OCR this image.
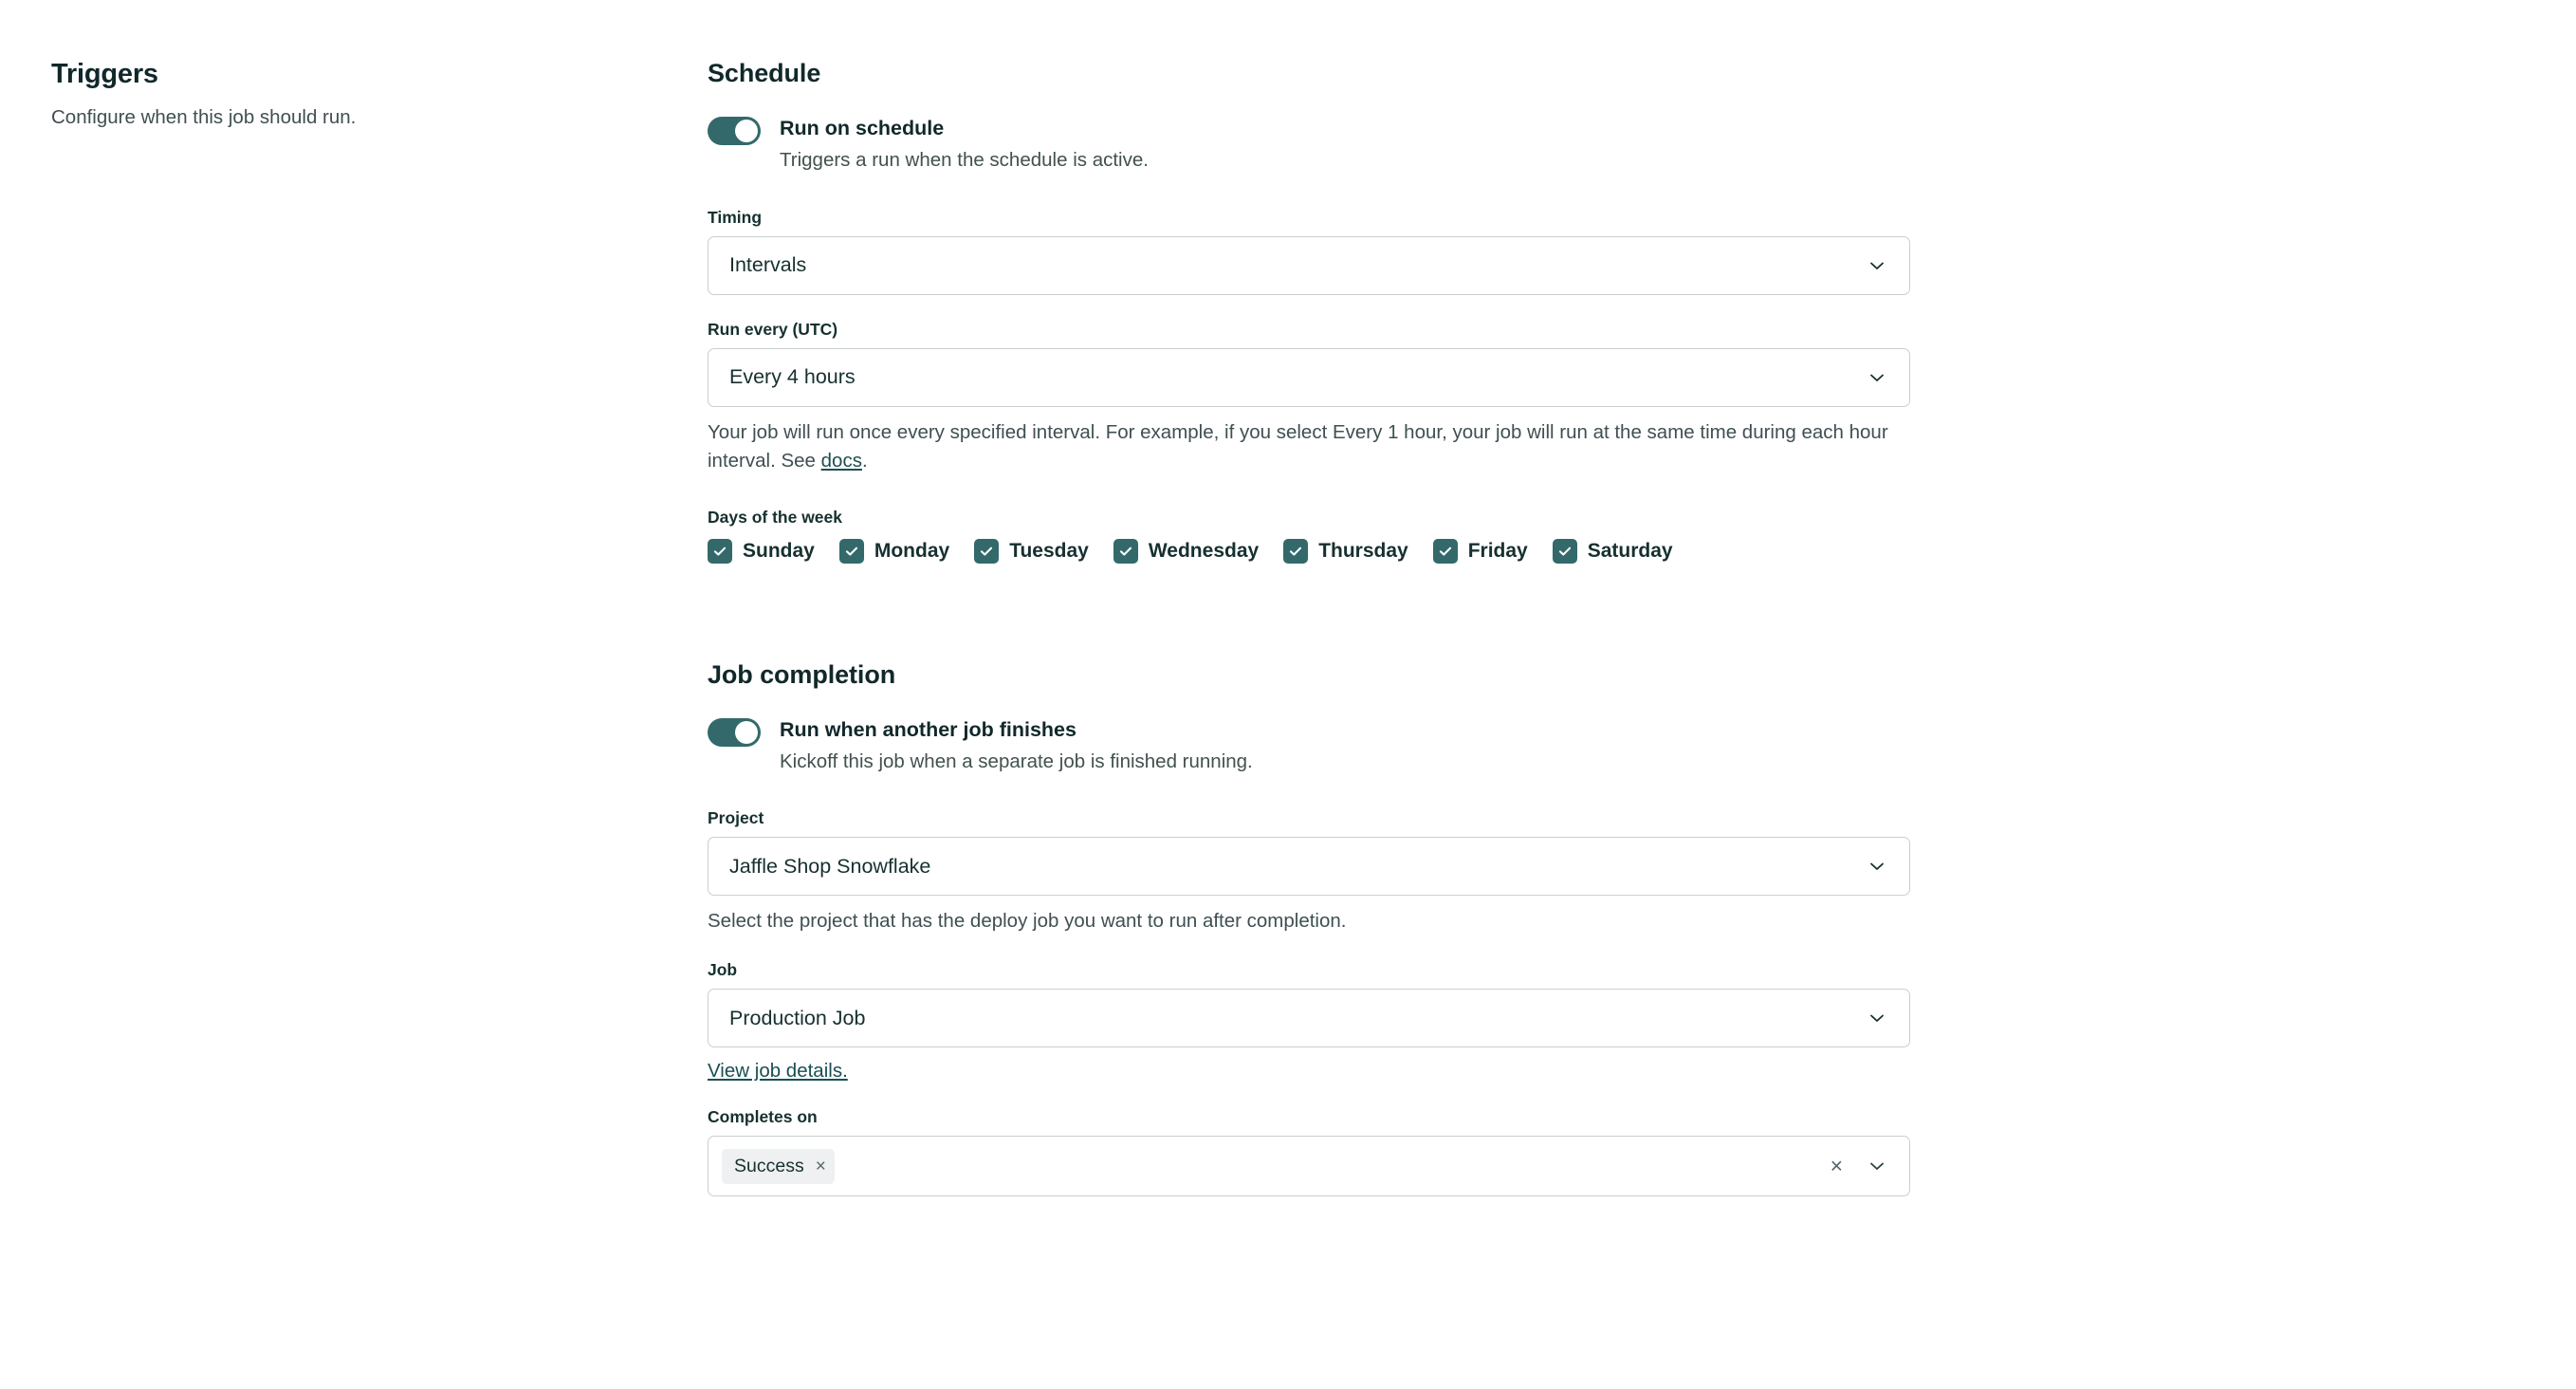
Triggers

Configure when this job should run.

Schedule
Run on schedule
Triggers a run when the schedule is active.
Timing
Intervals
Run every (UTC)
Every 4 hours

Your job will run once every specified interval. For example, if you select Every 1 hour, your job will run at the same time during each hour interval. See docs.

Days of the week
Sunday	Monday	Tuesday	Wednesday	Thursday	Friday	Saturday
Job completion
Run when another job finishes
Kickoff this job when a separate job is finished running.
Project
Jaffle Shop Snowflake

Select the project that has the deploy job you want to run after completion.

Job
Production Job
View job details.
Completes on
Success ×	×
